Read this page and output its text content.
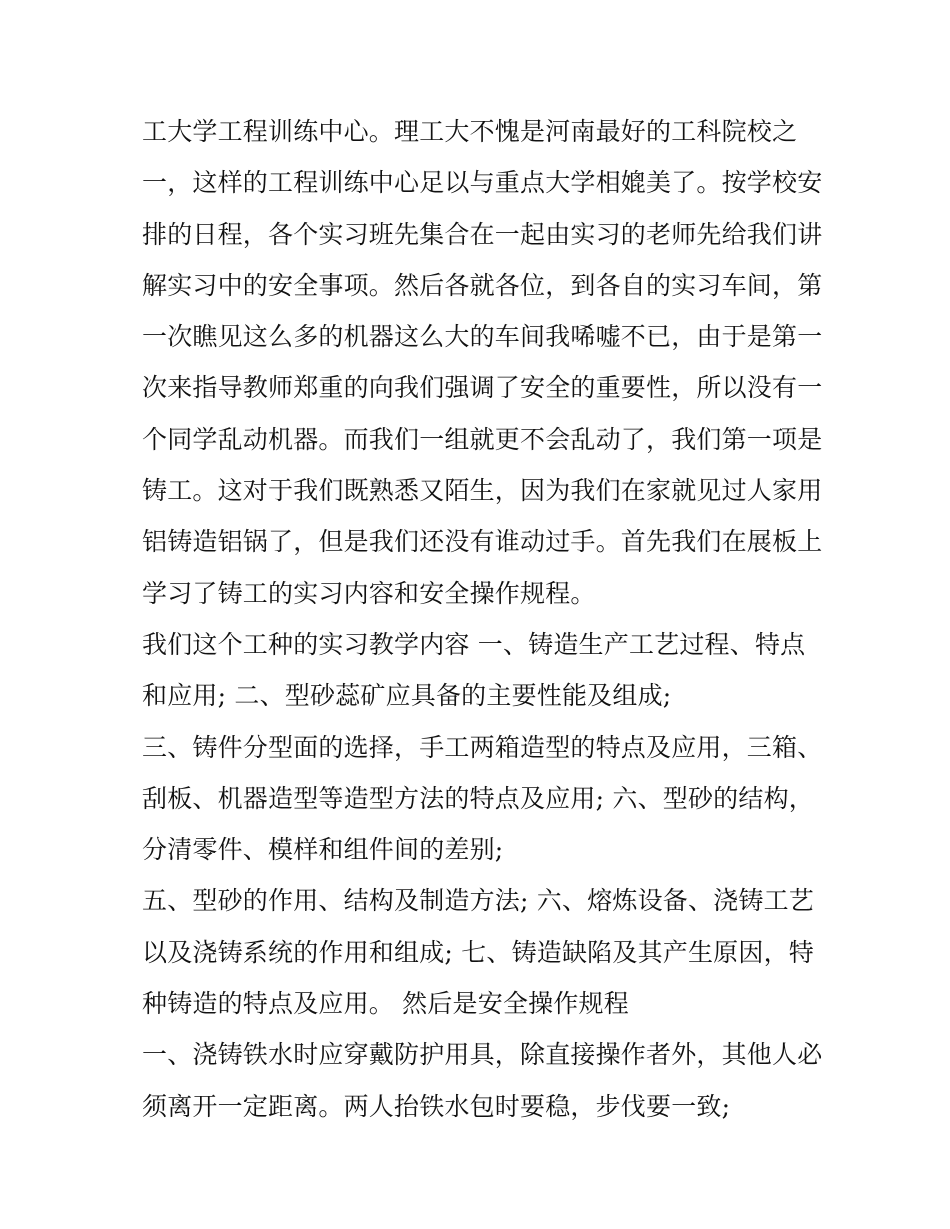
工大学工程训练中心。理工大不愧是河南最好的工科院校之
一，这样的工程训练中心足以与重点大学相媲美了。按学校安
排的日程，各个实习班先集合在一起由实习的老师先给我们讲
解实习中的安全事项。然后各就各位，到各自的实习车间，第
一次瞧见这么多的机器这么大的车间我唏嘘不已，由于是第一
次来指导教师郑重的向我们强调了安全的重要性，所以没有一
个同学乱动机器。而我们一组就更不会乱动了，我们第一项是
铸工。这对于我们既熟悉又陌生，因为我们在家就见过人家用
铝铸造铝锅了，但是我们还没有谁动过手。首先我们在展板上
学习了铸工的实习内容和安全操作规程。
我们这个工种的实习教学内容 一、铸造生产工艺过程、特点
和应用; 二、型砂蕊矿应具备的主要性能及组成;
三、铸件分型面的选择，手工两箱造型的特点及应用，三箱、
刮板、机器造型等造型方法的特点及应用; 六、型砂的结构，
分清零件、模样和组件间的差别;
五、型砂的作用、结构及制造方法; 六、熔炼设备、浇铸工艺
以及浇铸系统的作用和组成; 七、铸造缺陷及其产生原因，特
种铸造的特点及应用。 然后是安全操作规程
一、浇铸铁水时应穿戴防护用具，除直接操作者外，其他人必
须离开一定距离。两人抬铁水包时要稳，步伐要一致;
